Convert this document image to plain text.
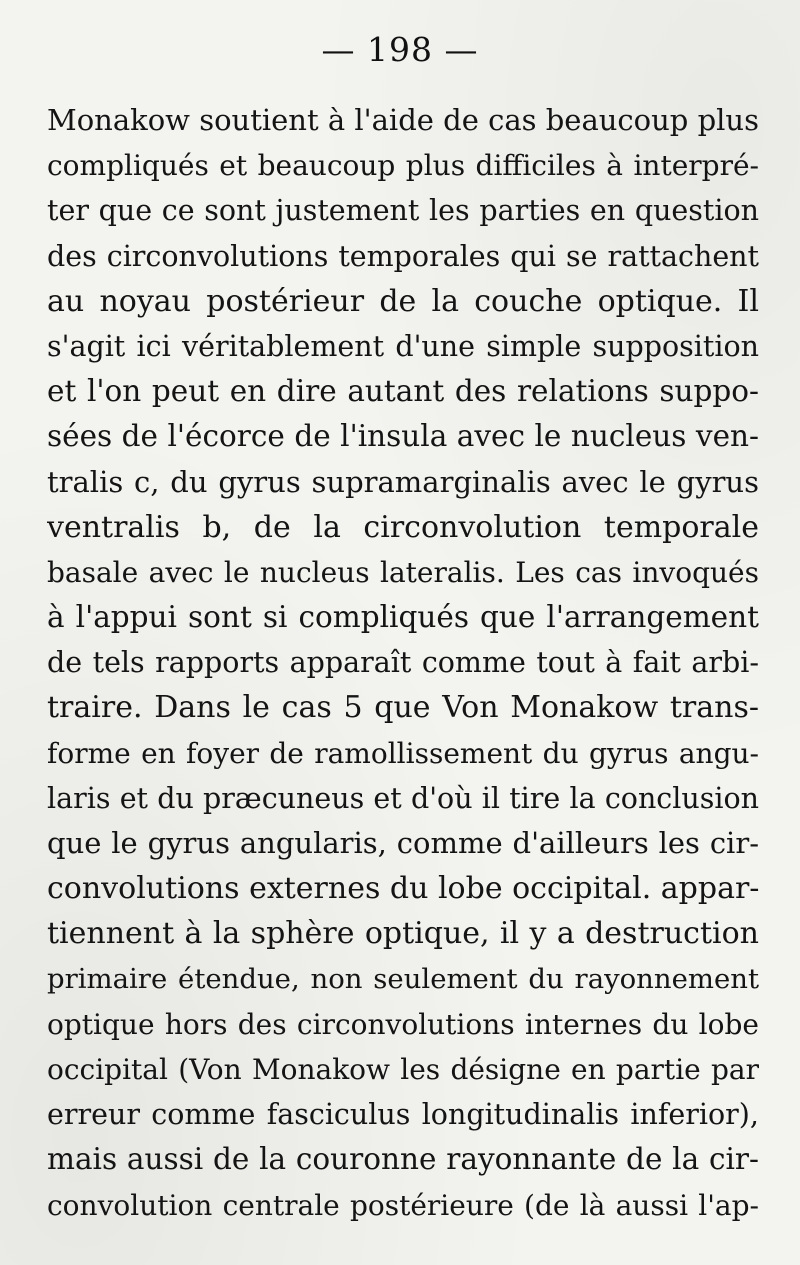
— 198 —
Monakow soutient à l'aide de cas beaucoup plus
compliqués et beaucoup plus difficiles à interpré-
ter que ce sont justement les parties en question
des circonvolutions temporales qui se rattachent
au noyau postérieur de la couche optique. Il
s'agit ici véritablement d'une simple supposition
et l'on peut en dire autant des relations suppo-
sées de l'écorce de l'insula avec le nucleus ven-
tralis c, du gyrus supramarginalis avec le gyrus
ventralis b, de la circonvolution temporale
basale avec le nucleus lateralis. Les cas invoqués
à l'appui sont si compliqués que l'arrangement
de tels rapports apparaît comme tout à fait arbi-
traire. Dans le cas 5 que Von Monakow trans-
forme en foyer de ramollissement du gyrus angu-
laris et du præcuneus et d'où il tire la conclusion
que le gyrus angularis, comme d'ailleurs les cir-
convolutions externes du lobe occipital. appar-
tiennent à la sphère optique, il y a destruction
primaire étendue, non seulement du rayonnement
optique hors des circonvolutions internes du lobe
occipital (Von Monakow les désigne en partie par
erreur comme fasciculus longitudinalis inferior),
mais aussi de la couronne rayonnante de la cir-
convolution centrale postérieure (de là aussi l'ap-
